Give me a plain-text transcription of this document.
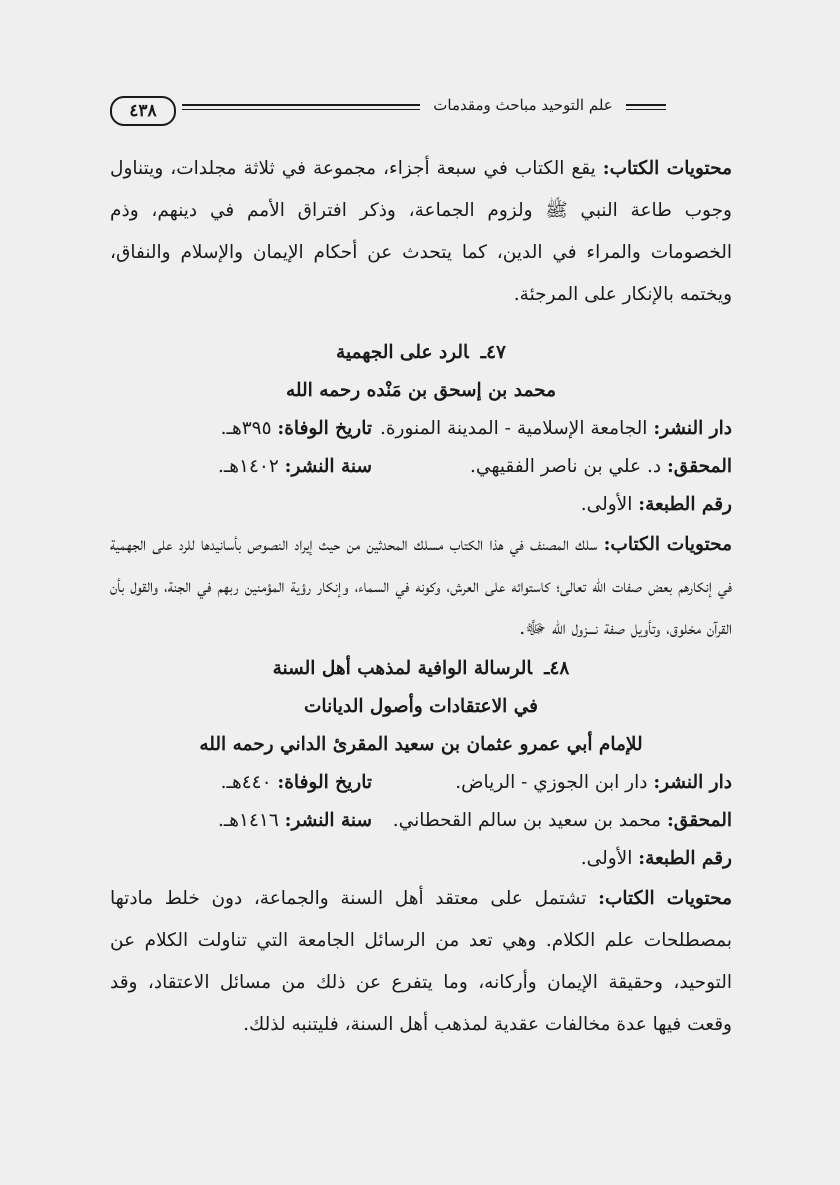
٤٣٨	علم التوحيد مباحث ومقدمات

محتويات الكتاب: يقع الكتاب في سبعة أجزاء، مجموعة في ثلاثة مجلدات، ويتناول وجوب طاعة النبي ﷺ ولزوم الجماعة، وذكر افتراق الأمم في دينهم، وذم الخصومات والمراء في الدين، كما يتحدث عن أحكام الإيمان والإسلام والنفاق، ويختمه بالإنكار على المرجئة.

٤٧ـالرد على الجهمية

محمد بن إسحق بن مَنْده رحمه الله

دار النشر: الجامعة الإسلامية - المدينة المنورة.
تاريخ الوفاة: ٣٩٥هـ.
المحقق: د. علي بن ناصر الفقيهي.
سنة النشر: ١٤٠٢هـ.
رقم الطبعة: الأولى.

محتويات الكتاب: سلك المصنف في هذا الكتاب مسلك المحدثين من حيث إيراد النصوص بأسانيدها للرد على الجهمية في إنكارهم بعض صفات الله تعالى؛ كاستوائه على العرش، وكونه في السماء، وإنكار رؤية المؤمنين ربهم في الجنة، والقول بأن القرآن مخلوق، وتأويل صفة نـــزول الله ﷻ.

٤٨ـالرسالة الوافية لمذهب أهل السنة

في الاعتقادات وأصول الديانات

للإمام أبي عمرو عثمان بن سعيد المقرئ الداني رحمه الله

دار النشر: دار ابن الجوزي - الرياض.
تاريخ الوفاة: ٤٤٠هـ.
المحقق: محمد بن سعيد بن سالم القحطاني.
سنة النشر: ١٤١٦هـ.
رقم الطبعة: الأولى.

محتويات الكتاب: تشتمل على معتقد أهل السنة والجماعة، دون خلط مادتها بمصطلحات علم الكلام. وهي تعد من الرسائل الجامعة التي تناولت الكلام عن التوحيد، وحقيقة الإيمان وأركانه، وما يتفرع عن ذلك من مسائل الاعتقاد، وقد وقعت فيها عدة مخالفات عقدية لمذهب أهل السنة، فليتنبه لذلك.
